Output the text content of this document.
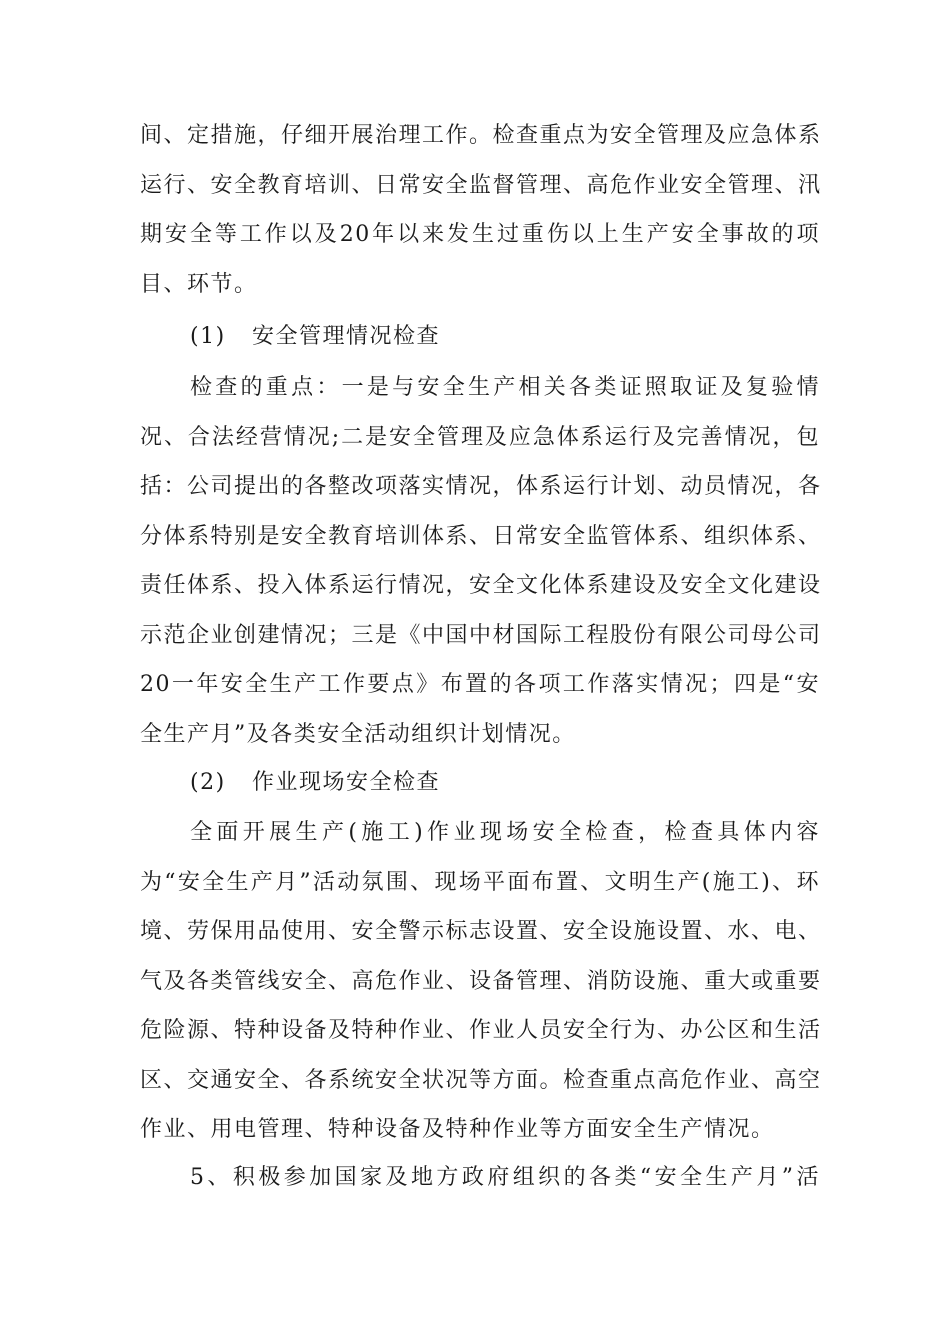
间、定措施，仔细开展治理工作。检查重点为安全管理及应急体系
运行、安全教育培训、日常安全监督管理、高危作业安全管理、汛
期安全等工作以及20年以来发生过重伤以上生产安全事故的项
目、环节。
(1) 安全管理情况检查
检查的重点：一是与安全生产相关各类证照取证及复验情
况、合法经营情况;二是安全管理及应急体系运行及完善情况，包
括：公司提出的各整改项落实情况，体系运行计划、动员情况，各
分体系特别是安全教育培训体系、日常安全监管体系、组织体系、
责任体系、投入体系运行情况，安全文化体系建设及安全文化建设
示范企业创建情况；三是《中国中材国际工程股份有限公司母公司
20一年安全生产工作要点》布置的各项工作落实情况；四是“安
全生产月”及各类安全活动组织计划情况。
(2) 作业现场安全检查
全面开展生产(施工)作业现场安全检查，检查具体内容
为“安全生产月”活动氛围、现场平面布置、文明生产(施工)、环
境、劳保用品使用、安全警示标志设置、安全设施设置、水、电、
气及各类管线安全、高危作业、设备管理、消防设施、重大或重要
危险源、特种设备及特种作业、作业人员安全行为、办公区和生活
区、交通安全、各系统安全状况等方面。检查重点高危作业、高空
作业、用电管理、特种设备及特种作业等方面安全生产情况。
5、积极参加国家及地方政府组织的各类“安全生产月”活
